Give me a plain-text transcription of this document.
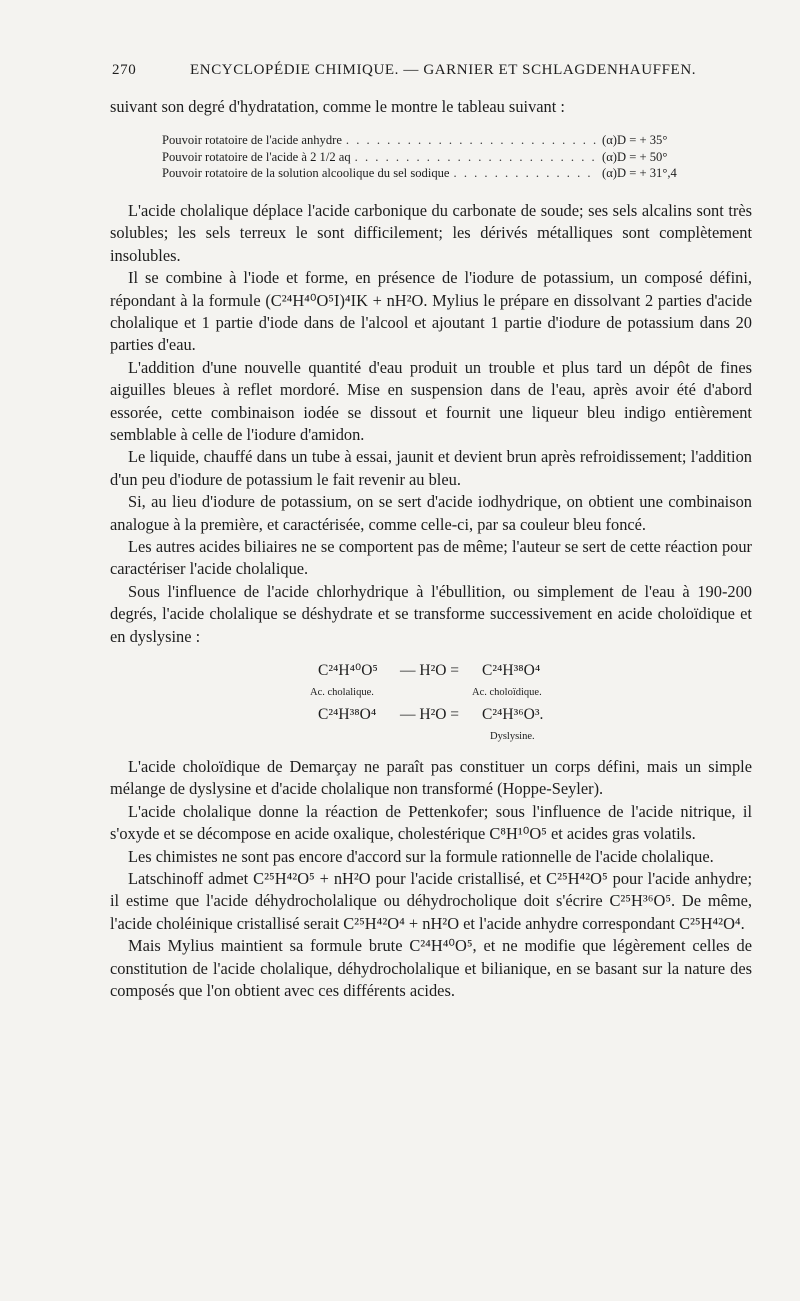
270	ENCYCLOPÉDIE CHIMIQUE. — GARNIER ET SCHLAGDENHAUFFEN.

suivant son degré d'hydratation, comme le montre le tableau suivant :

Pouvoir rotatoire de l'acide anhydre . . .	(α)D = + 35°
Pouvoir rotatoire de l'acide à 2 1/2 aq . . .	(α)D = + 50°
Pouvoir rotatoire de la solution alcoolique du sel sodique . . .	(α)D = + 31°,4

L'acide cholalique déplace l'acide carbonique du carbonate de soude; ses sels alcalins sont très solubles; les sels terreux le sont difficilement; les dérivés métalliques sont complètement insolubles.

Il se combine à l'iode et forme, en présence de l'iodure de potassium, un composé défini, répondant à la formule (C²⁴H⁴⁰O⁵I)⁴IK + nH²O. Mylius le prépare en dissolvant 2 parties d'acide cholalique et 1 partie d'iode dans de l'alcool et ajoutant 1 partie d'iodure de potassium dans 20 parties d'eau.

L'addition d'une nouvelle quantité d'eau produit un trouble et plus tard un dépôt de fines aiguilles bleues à reflet mordoré. Mise en suspension dans de l'eau, après avoir été d'abord essorée, cette combinaison iodée se dissout et fournit une liqueur bleu indigo entièrement semblable à celle de l'iodure d'amidon.

Le liquide, chauffé dans un tube à essai, jaunit et devient brun après refroidissement; l'addition d'un peu d'iodure de potassium le fait revenir au bleu.

Si, au lieu d'iodure de potassium, on se sert d'acide iodhydrique, on obtient une combinaison analogue à la première, et caractérisée, comme celle-ci, par sa couleur bleu foncé.

Les autres acides biliaires ne se comportent pas de même; l'auteur se sert de cette réaction pour caractériser l'acide cholalique.

Sous l'influence de l'acide chlorhydrique à l'ébullition, ou simplement de l'eau à 190-200 degrés, l'acide cholalique se déshydrate et se transforme successivement en acide choloïdique et en dyslysine :

C²⁴H⁴⁰O⁵ — H²O = C²⁴H³⁸O⁴
Ac. cholalique.	Ac. choloïdique.
C²⁴H³⁸O⁴ — H²O = C²⁴H³⁶O³.
Dyslysine.

L'acide choloïdique de Demarçay ne paraît pas constituer un corps défini, mais un simple mélange de dyslysine et d'acide cholalique non transformé (Hoppe-Seyler).

L'acide cholalique donne la réaction de Pettenkofer; sous l'influence de l'acide nitrique, il s'oxyde et se décompose en acide oxalique, cholestérique C⁸H¹⁰O⁵ et acides gras volatils.

Les chimistes ne sont pas encore d'accord sur la formule rationnelle de l'acide cholalique.

Latschinoff admet C²⁵H⁴²O⁵ + nH²O pour l'acide cristallisé, et C²⁵H⁴²O⁵ pour l'acide anhydre; il estime que l'acide déhydrocholalique ou déhydrocholique doit s'écrire C²⁵H³⁶O⁵. De même, l'acide choléinique cristallisé serait C²⁵H⁴²O⁴ + nH²O et l'acide anhydre correspondant C²⁵H⁴²O⁴.

Mais Mylius maintient sa formule brute C²⁴H⁴⁰O⁵, et ne modifie que légèrement celles de constitution de l'acide cholalique, déhydrocholalique et bilianique, en se basant sur la nature des composés que l'on obtient avec ces différents acides.
